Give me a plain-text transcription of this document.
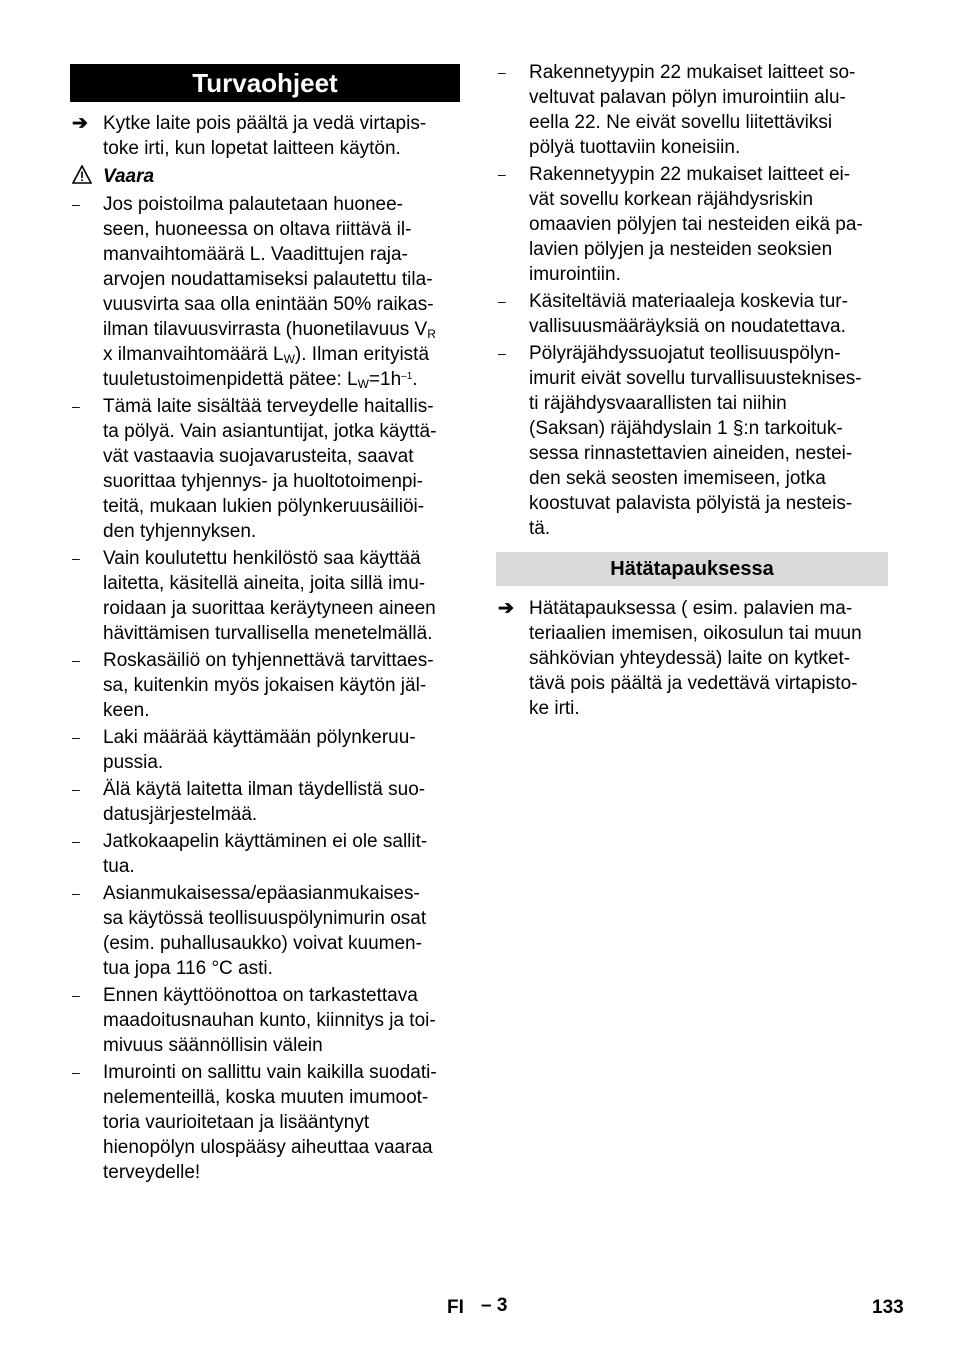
Turvaohjeet
➔ Kytke laite pois päältä ja vedä virtapis-
toke irti, kun lopetat laitteen käytön.
Vaara
–	Jos poistoilma palautetaan huonee-
seen, huoneessa on oltava riittävä il-
manvaihtomäärä L. Vaadittujen raja-
arvojen noudattamiseksi palautettu tila-
vuusvirta saa olla enintään 50% raikas-
ilman tilavuusvirrasta (huonetilavuus $V_R$
x ilmanvaihtomäärä $L_W$). Ilman erityistä
tuuletustoimenpidettä pätee: $L_W=1h^{-1}$.
–	Tämä laite sisältää terveydelle haitallis-
ta pölyä. Vain asiantuntijat, jotka käyttä-
vät vastaavia suojavarusteita, saavat
suorittaa tyhjennys- ja huoltotoimenpi-
teitä, mukaan lukien pölynkeruusäiliöi-
den tyhjennyksen.
–	Vain koulutettu henkilöstö saa käyttää
laitetta, käsitellä aineita, joita sillä imu-
roidaan ja suorittaa keräytyneen aineen
hävittämisen turvallisella menetelmällä.
–	Roskasäiliö on tyhjennettävä tarvittaes-
sa, kuitenkin myös jokaisen käytön jäl-
keen.
–	Laki määrää käyttämään pölynkeruu-
pussia.
–	Älä käytä laitetta ilman täydellistä suo-
datusjärjestelmää.
–	Jatkokaapelin käyttäminen ei ole sallit-
tua.
–	Asianmukaisessa/epäasianmukaises-
sa käytössä teollisuuspölynimurin osat
(esim. puhallusaukko) voivat kuumen-
tua jopa 116 °C asti.
–	Ennen käyttöönottoa on tarkastettava
maadoitusnauhan kunto, kiinnitys ja toi-
mivuus säännöllisin välein
–	Imurointi on sallittu vain kaikilla suodati-
nelementeillä, koska muuten imumoot-
toria vaurioitetaan ja lisääntynyt
hienopölyn ulospääsy aiheuttaa vaaraa
terveydelle!
–	Rakennetyypin 22 mukaiset laitteet so-
veltuvat palavan pölyn imurointiin alu-
eella 22. Ne eivät sovellu liitettäviksi
pölyä tuottaviin koneisiin.
–	Rakennetyypin 22 mukaiset laitteet ei-
vät sovellu korkean räjähdysriskin
omaavien pölyjen tai nesteiden eikä pa-
lavien pölyjen ja nesteiden seoksien
imurointiin.
–	Käsiteltäviä materiaaleja koskevia tur-
vallisuusmääräyksiä on noudatettava.
–	Pölyräjähdyssuojatut teollisuuspölyn-
imurit eivät sovellu turvallisuusteknises-
ti räjähdysvaarallisten tai niihin
(Saksan) räjähdyslain 1 §:n tarkoituk-
sessa rinnastettavien aineiden, nestei-
den sekä seosten imemiseen, jotka
koostuvat palavista pölyistä ja nesteis-
tä.
Hätätapauksessa
➔ Hätätapauksessa ( esim. palavien ma-
teriaalien imemisen, oikosulun tai muun
sähkövian yhteydessä) laite on kytket-
tävä pois päältä ja vedettävä virtapisto-
ke irti.
FI – 3	133
